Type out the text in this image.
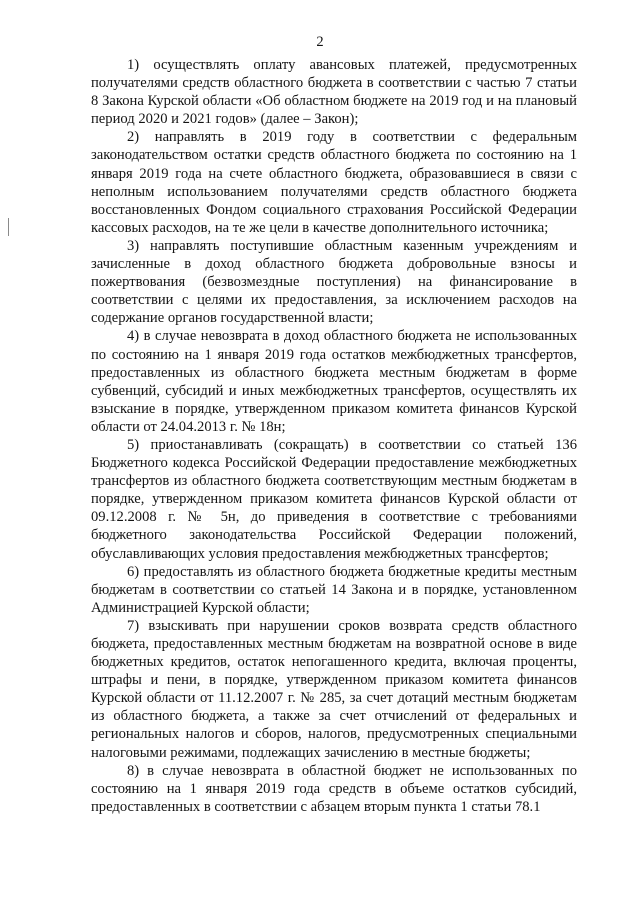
2

1) осуществлять оплату авансовых платежей, предусмотренных получателями средств областного бюджета в соответствии с частью 7 статьи 8 Закона Курской области «Об областном бюджете на 2019 год и на плановый период 2020 и 2021 годов» (далее – Закон);

2) направлять в 2019 году в соответствии с федеральным законодательством остатки средств областного бюджета по состоянию на 1 января 2019 года на счете областного бюджета, образовавшиеся в связи с неполным использованием получателями средств областного бюджета восстановленных Фондом социального страхования Российской Федерации кассовых расходов, на те же цели в качестве дополнительного источника;

3) направлять поступившие областным казенным учреждениям и зачисленные в доход областного бюджета добровольные взносы и пожертвования (безвозмездные поступления) на финансирование в соответствии с целями их предоставления, за исключением расходов на содержание органов государственной власти;

4) в случае невозврата в доход областного бюджета не использованных по состоянию на 1 января 2019 года остатков межбюджетных трансфертов, предоставленных из областного бюджета местным бюджетам в форме субвенций, субсидий и иных межбюджетных трансфертов, осуществлять их взыскание в порядке, утвержденном приказом комитета финансов Курской области от 24.04.2013 г. № 18н;

5) приостанавливать (сокращать) в соответствии со статьей 136 Бюджетного кодекса Российской Федерации предоставление межбюджетных трансфертов из областного бюджета соответствующим местным бюджетам в порядке, утвержденном приказом комитета финансов Курской области от 09.12.2008 г. № 5н, до приведения в соответствие с требованиями бюджетного законодательства Российской Федерации положений, обуславливающих условия предоставления межбюджетных трансфертов;

6) предоставлять из областного бюджета бюджетные кредиты местным бюджетам в соответствии со статьей 14 Закона и в порядке, установленном Администрацией Курской области;

7) взыскивать при нарушении сроков возврата средств областного бюджета, предоставленных местным бюджетам на возвратной основе в виде бюджетных кредитов, остаток непогашенного кредита, включая проценты, штрафы и пени, в порядке, утвержденном приказом комитета финансов Курской области от 11.12.2007 г. № 285, за счет дотаций местным бюджетам из областного бюджета, а также за счет отчислений от федеральных и региональных налогов и сборов, налогов, предусмотренных специальными налоговыми режимами, подлежащих зачислению в местные бюджеты;

8) в случае невозврата в областной бюджет не использованных по состоянию на 1 января 2019 года средств в объеме остатков субсидий, предоставленных в соответствии с абзацем вторым пункта 1 статьи 78.1
